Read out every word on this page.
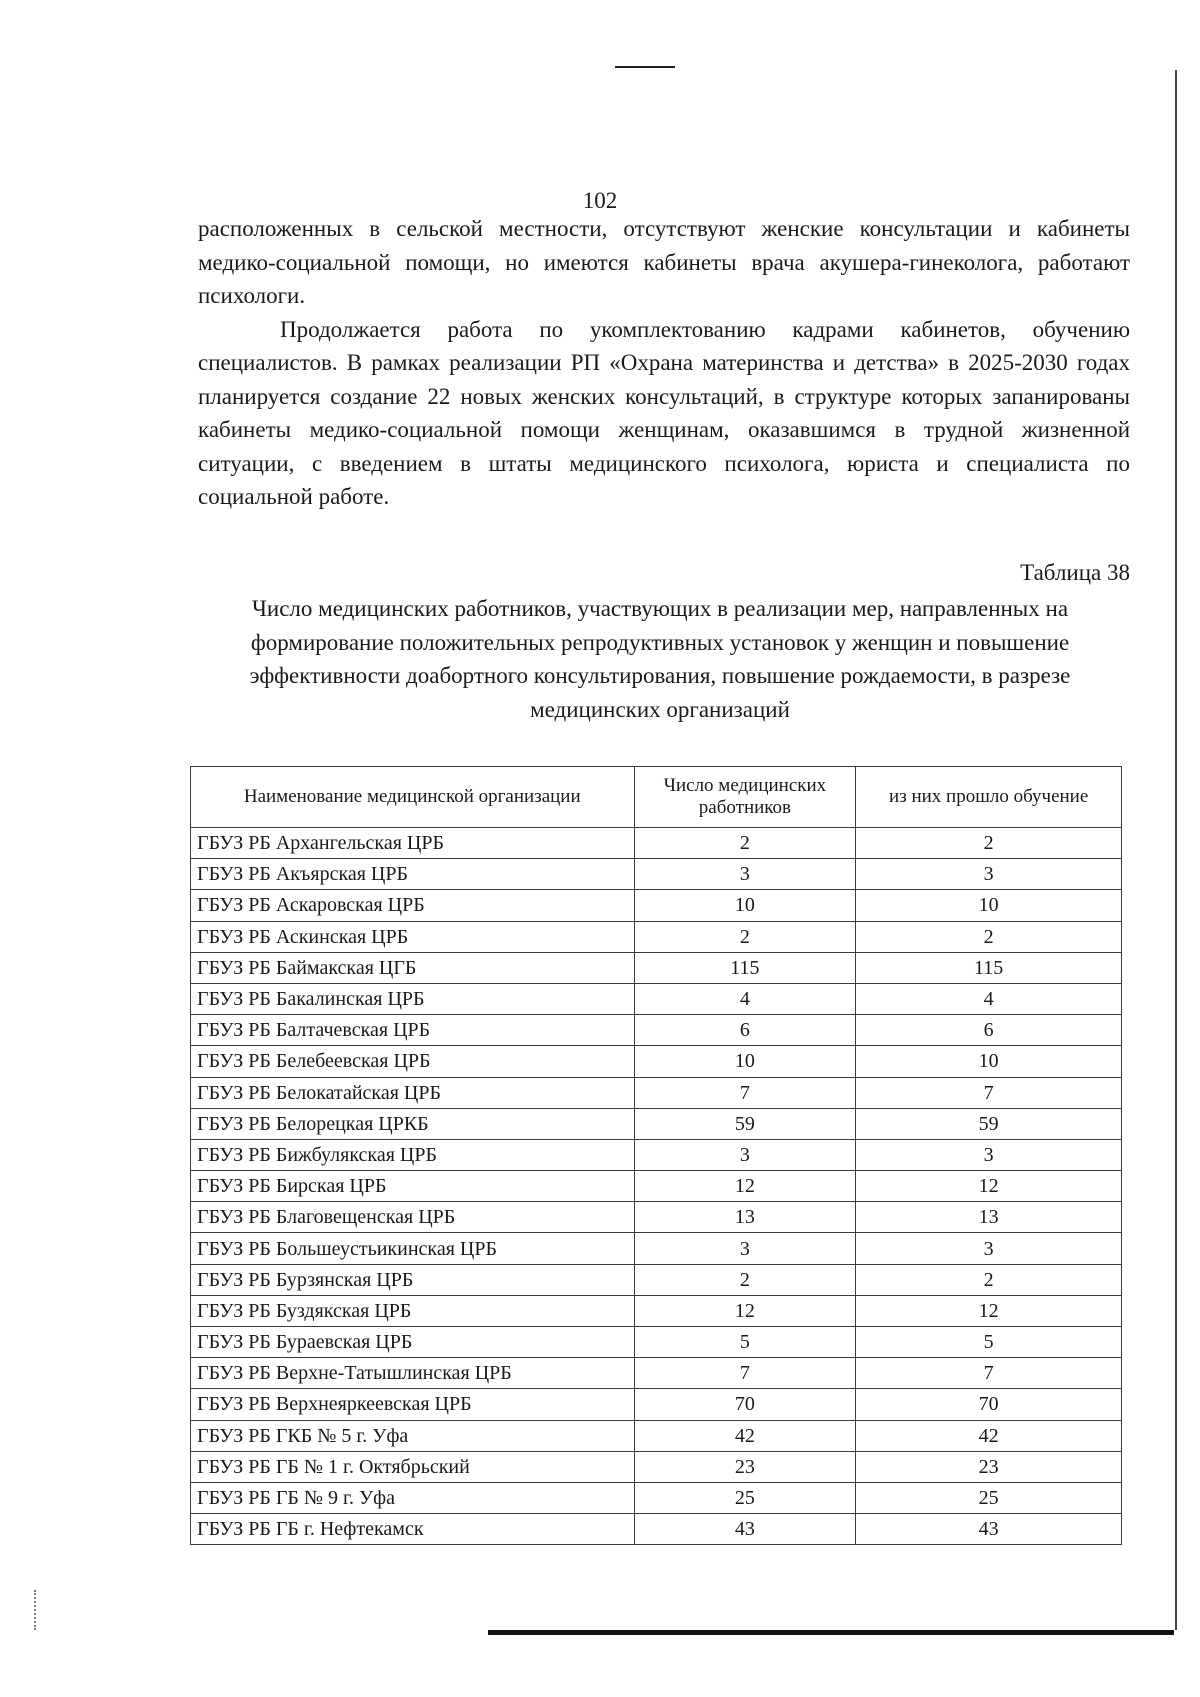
102

расположенных в сельской местности, отсутствуют женские консультации и кабинеты медико-социальной помощи, но имеются кабинеты врача акушера-гинеколога, работают психологи.

Продолжается работа по укомплектованию кадрами кабинетов, обучению специалистов. В рамках реализации РП «Охрана материнства и детства» в 2025-2030 годах планируется создание 22 новых женских консультаций, в структуре которых запанированы кабинеты медико-социальной помощи женщинам, оказавшимся в трудной жизненной ситуации, с введением в штаты медицинского психолога, юриста и специалиста по социальной работе.

Таблица 38
Число медицинских работников, участвующих в реализации мер, направленных на формирование положительных репродуктивных установок у женщин и повышение эффективности доабортного консультирования, повышение рождаемости, в разрезе медицинских организаций
Наименование медицинской организации	Число медицинских работников	из них прошло обучение
ГБУЗ РБ Архангельская ЦРБ	2	2
ГБУЗ РБ Акъярская ЦРБ	3	3
ГБУЗ РБ Аскаровская ЦРБ	10	10
ГБУЗ РБ Аскинская ЦРБ	2	2
ГБУЗ РБ Баймакская ЦГБ	115	115
ГБУЗ РБ Бакалинская ЦРБ	4	4
ГБУЗ РБ Балтачевская ЦРБ	6	6
ГБУЗ РБ Белебеевская ЦРБ	10	10
ГБУЗ РБ Белокатайская ЦРБ	7	7
ГБУЗ РБ Белорецкая ЦРКБ	59	59
ГБУЗ РБ Бижбулякская ЦРБ	3	3
ГБУЗ РБ Бирская ЦРБ	12	12
ГБУЗ РБ Благовещенская ЦРБ	13	13
ГБУЗ РБ Большеустьикинская ЦРБ	3	3
ГБУЗ РБ Бурзянская ЦРБ	2	2
ГБУЗ РБ Буздякская ЦРБ	12	12
ГБУЗ РБ Бураевская ЦРБ	5	5
ГБУЗ РБ Верхне-Татышлинская ЦРБ	7	7
ГБУЗ РБ Верхнеяркеевская ЦРБ	70	70
ГБУЗ РБ ГКБ № 5 г. Уфа	42	42
ГБУЗ РБ ГБ № 1 г. Октябрьский	23	23
ГБУЗ РБ ГБ № 9 г. Уфа	25	25
ГБУЗ РБ ГБ г. Нефтекамск	43	43
